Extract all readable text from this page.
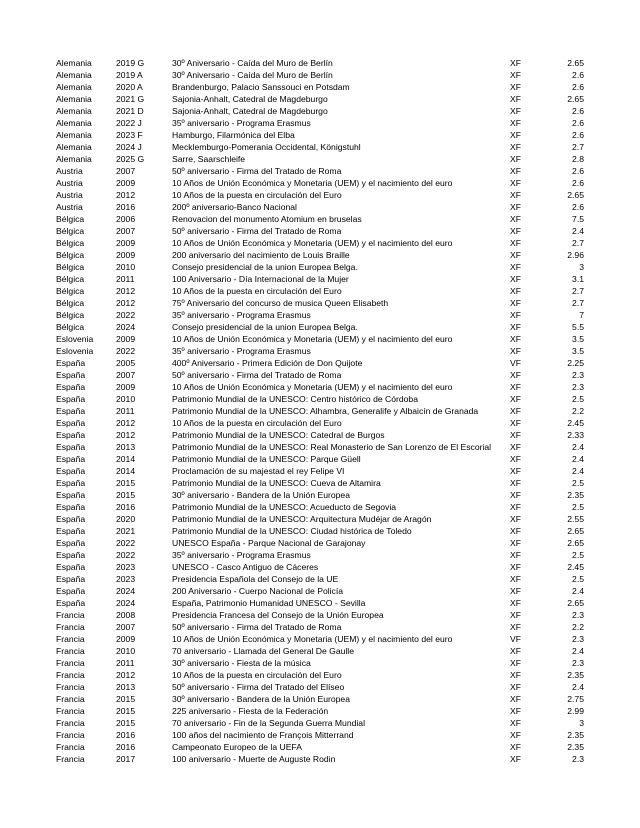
Alemania	2019 G	30º Aniversario - Caída del Muro de Berlín	XF	2.65
Alemania	2019 A	30º Aniversario - Caída del Muro de Berlín	XF	2.6
Alemania	2020 A	Brandenburgo, Palacio Sanssouci en Potsdam	XF	2.6
Alemania	2021 G	Sajonia-Anhalt, Catedral de Magdeburgo	XF	2.65
Alemania	2021 D	Sajonia-Anhalt, Catedral de Magdeburgo	XF	2.6
Alemania	2022 J	35º aniversario - Programa Erasmus	XF	2.6
Alemania	2023 F	Hamburgo, Filarmónica del Elba	XF	2.6
Alemania	2024 J	Mecklemburgo-Pomerania Occidental, Königstuhl	XF	2.7
Alemania	2025 G	Sarre, Saarschleife	XF	2.8
Austria	2007	50º aniversario - Firma del Tratado de Roma	XF	2.6
Austria	2009	10 Años de Unión Económica y Monetaria (UEM) y el nacimiento del euro	XF	2.6
Austria	2012	10 Años de la puesta en circulación del Euro	XF	2.65
Austria	2016	200º aniversario-Banco Nacional	XF	2.6
Bélgica	2006	Renovacion del monumento Atomium en bruselas	XF	7.5
Bélgica	2007	50º aniversario - Firma del Tratado de Roma	XF	2.4
Bélgica	2009	10 Años de Unión Económica y Monetaria (UEM) y el nacimiento del euro	XF	2.7
Bélgica	2009	200 aniversario del nacimiento de Louis Braille	XF	2.96
Bélgica	2010	Consejo presidencial de la union Europea Belga.	XF	3
Bélgica	2011	100 Aniversario - Día Internacional de la Mujer	XF	3.1
Bélgica	2012	10 Años de la puesta en circulación del Euro	XF	2.7
Bélgica	2012	75º Aniversario del concurso de musica Queen Elisabeth	XF	2.7
Bélgica	2022	35º aniversario - Programa Erasmus	XF	7
Bélgica	2024	Consejo presidencial de la union Europea Belga.	XF	5.5
Eslovenia	2009	10 Años de Unión Económica y Monetaria (UEM) y el nacimiento del euro	XF	3.5
Eslovenia	2022	35º aniversario - Programa Erasmus	XF	3.5
España	2005	400º Aniversario - Primera Edición de Don Quijote	VF	2.25
España	2007	50º aniversario - Firma del Tratado de Roma	XF	2.3
España	2009	10 Años de Unión Económica y Monetaria (UEM) y el nacimiento del euro	XF	2.3
España	2010	Patrimonio Mundial de la UNESCO: Centro histórico de Córdoba	XF	2.5
España	2011	Patrimonio Mundial de la UNESCO: Alhambra, Generalife y Albaicín de Granada	XF	2.2
España	2012	10 Años de la puesta en circulación del Euro	XF	2.45
España	2012	Patrimonio Mundial de la UNESCO: Catedral de Burgos	XF	2.33
España	2013	Patrimonio Mundial de la UNESCO: Real Monasterio de San Lorenzo de El Escorial	XF	2.4
España	2014	Patrimonio Mundial de la UNESCO: Parque Güell	XF	2.4
España	2014	Proclamación de su majestad el rey Felipe VI	XF	2.4
España	2015	Patrimonio Mundial de la UNESCO: Cueva de Altamira	XF	2.5
España	2015	30º aniversario - Bandera de la Unión Europea	XF	2.35
España	2016	Patrimonio Mundial de la UNESCO: Acueducto de Segovia	XF	2.5
España	2020	Patrimonio Mundial de la UNESCO: Arquitectura Mudéjar de Aragón	XF	2.55
España	2021	Patrimonio Mundial de la UNESCO: Ciudad histórica de Toledo	XF	2.65
España	2022	UNESCO España - Parque Nacional de Garajonay	XF	2.65
España	2022	35º aniversario - Programa Erasmus	XF	2.5
España	2023	UNESCO - Casco Antiguo de Cáceres	XF	2.45
España	2023	Presidencia Española del Consejo de la UE	XF	2.5
España	2024	200 Aniversario - Cuerpo Nacional de Policía	XF	2.4
España	2024	España, Patrimonio Humanidad UNESCO - Sevilla	XF	2.65
Francia	2008	Presidencia Francesa del Consejo de la Unión Europea	XF	2.3
Francia	2007	50º aniversario - Firma del Tratado de Roma	XF	2.2
Francia	2009	10 Años de Unión Económica y Monetaria (UEM) y el nacimiento del euro	VF	2.3
Francia	2010	70 aniversario - Llamada del General De Gaulle	XF	2.4
Francia	2011	30º aniversario - Fiesta de la música	XF	2.3
Francia	2012	10 Años de la puesta en circulación del Euro	XF	2.35
Francia	2013	50º aniversario - Firma del Tratado del Elíseo	XF	2.4
Francia	2015	30º aniversario - Bandera de la Unión Europea	XF	2.75
Francia	2015	225 aniversario - Fiesta de la Federación	XF	2.99
Francia	2015	70 aniversario - Fin de la Segunda Guerra Mundial	XF	3
Francia	2016	100 años del nacimiento de François Mitterrand	XF	2.35
Francia	2016	Campeonato Europeo de la UEFA	XF	2.35
Francia	2017	100 aniversario - Muerte de Auguste Rodin	XF	2.3
